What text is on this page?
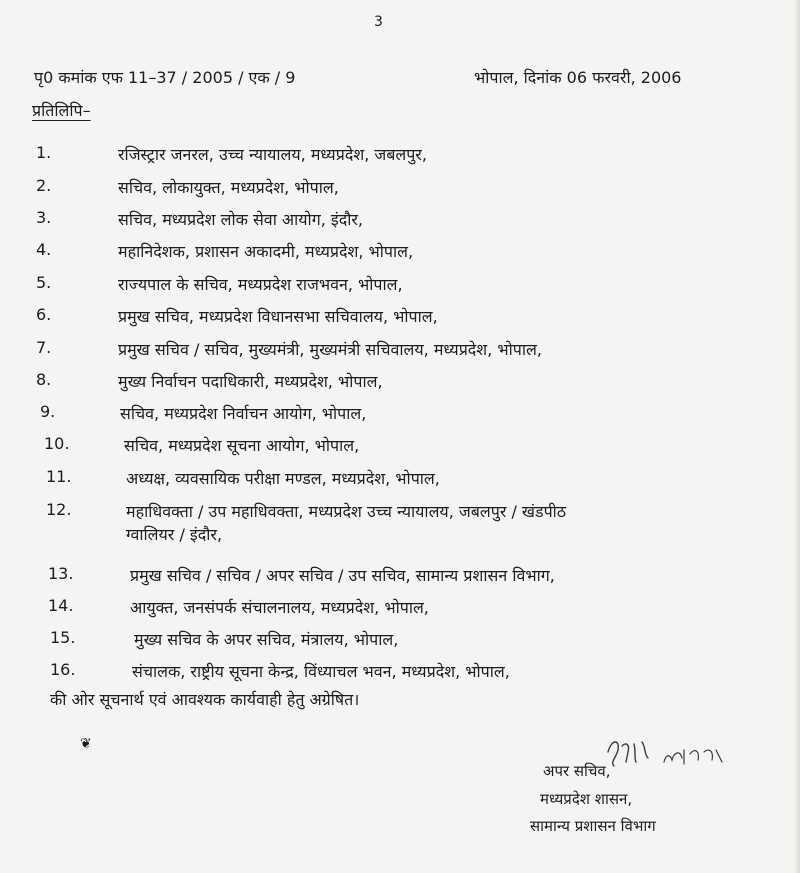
3
पृ0 कमांक एफ 11–37 / 2005 / एक / 9	भोपाल, दिनांक 06 फरवरी, 2006
प्रतिलिपि–
1.	रजिस्ट्रार जनरल, उच्च न्यायालय, मध्यप्रदेश, जबलपुर,
2.	सचिव, लोकायुक्त, मध्यप्रदेश, भोपाल,
3.	सचिव, मध्यप्रदेश लोक सेवा आयोग, इंदौर,
4.	महानिदेशक, प्रशासन अकादमी, मध्यप्रदेश, भोपाल,
5.	राज्यपाल के सचिव, मध्यप्रदेश राजभवन, भोपाल,
6.	प्रमुख सचिव, मध्यप्रदेश विधानसभा सचिवालय, भोपाल,
7.	प्रमुख सचिव / सचिव, मुख्यमंत्री, मुख्यमंत्री सचिवालय, मध्यप्रदेश, भोपाल,
8.	मुख्य निर्वाचन पदाधिकारी, मध्यप्रदेश, भोपाल,
9.	सचिव, मध्यप्रदेश निर्वाचन आयोग, भोपाल,
10.	सचिव, मध्यप्रदेश सूचना आयोग, भोपाल,
11.	अध्यक्ष, व्यवसायिक परीक्षा मण्डल, मध्यप्रदेश, भोपाल,
12.	महाधिवक्ता / उप महाधिवक्ता, मध्यप्रदेश उच्च न्यायालय, जबलपुर / खंडपीठ
ग्वालियर / इंदौर,
13.	प्रमुख सचिव / सचिव / अपर सचिव / उप सचिव, सामान्य प्रशासन विभाग,
14.	आयुक्त, जनसंपर्क संचालनालय, मध्यप्रदेश, भोपाल,
15.	मुख्य सचिव के अपर सचिव, मंत्रालय, भोपाल,
16.	संचालक, राष्ट्रीय सूचना केन्द्र, विंध्याचल भवन, मध्यप्रदेश, भोपाल,
की ओर सूचनार्थ एवं आवश्यक कार्यवाही हेतु अग्रेषित।
❦
अपर सचिव,
मध्यप्रदेश शासन,
सामान्य प्रशासन विभाग
